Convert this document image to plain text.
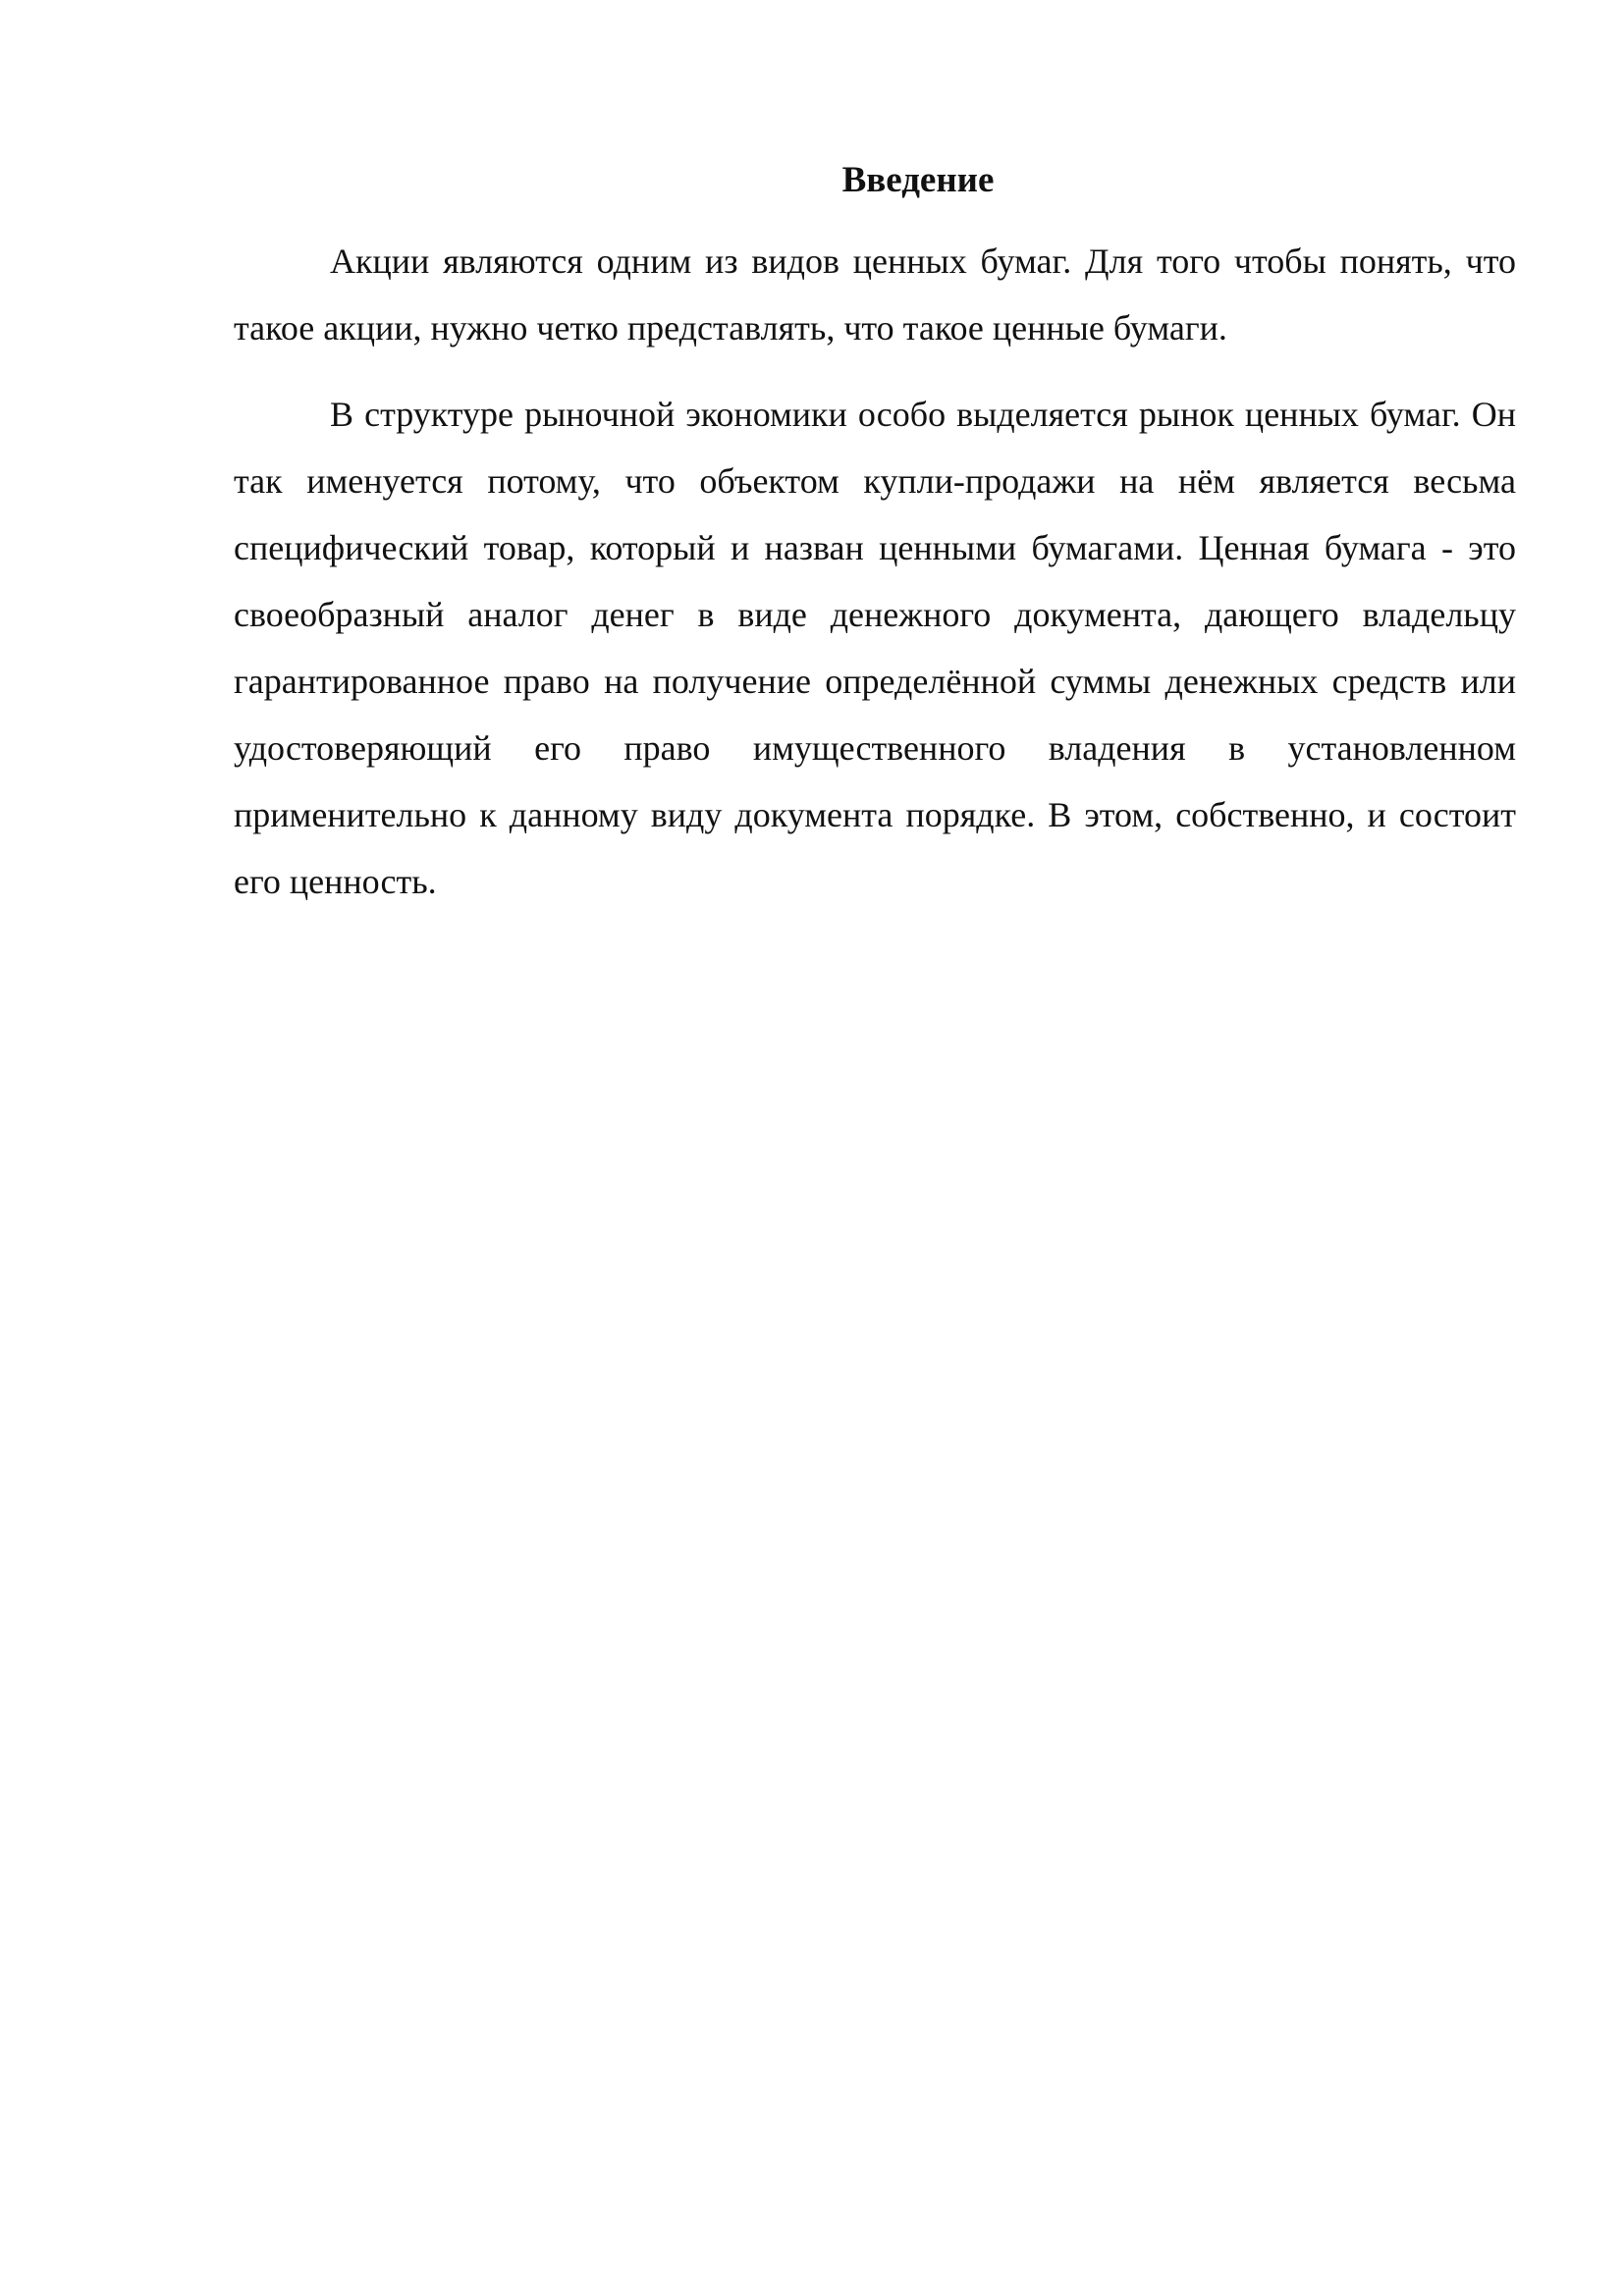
Введение

Акции являются одним из видов ценных бумаг. Для того чтобы понять, что такое акции, нужно четко представлять, что такое ценные бумаги.

В структуре рыночной экономики особо выделяется рынок ценных бумаг. Он так именуется потому, что объектом купли-продажи на нём является весьма специфический товар, который и назван ценными бумагами. Ценная бумага - это своеобразный аналог денег в виде денежного документа, дающего владельцу гарантированное право на получение определённой суммы денежных средств или удостоверяющий его право имущественного владения в установленном применительно к данному виду документа порядке. В этом, собственно, и состоит его ценность.
